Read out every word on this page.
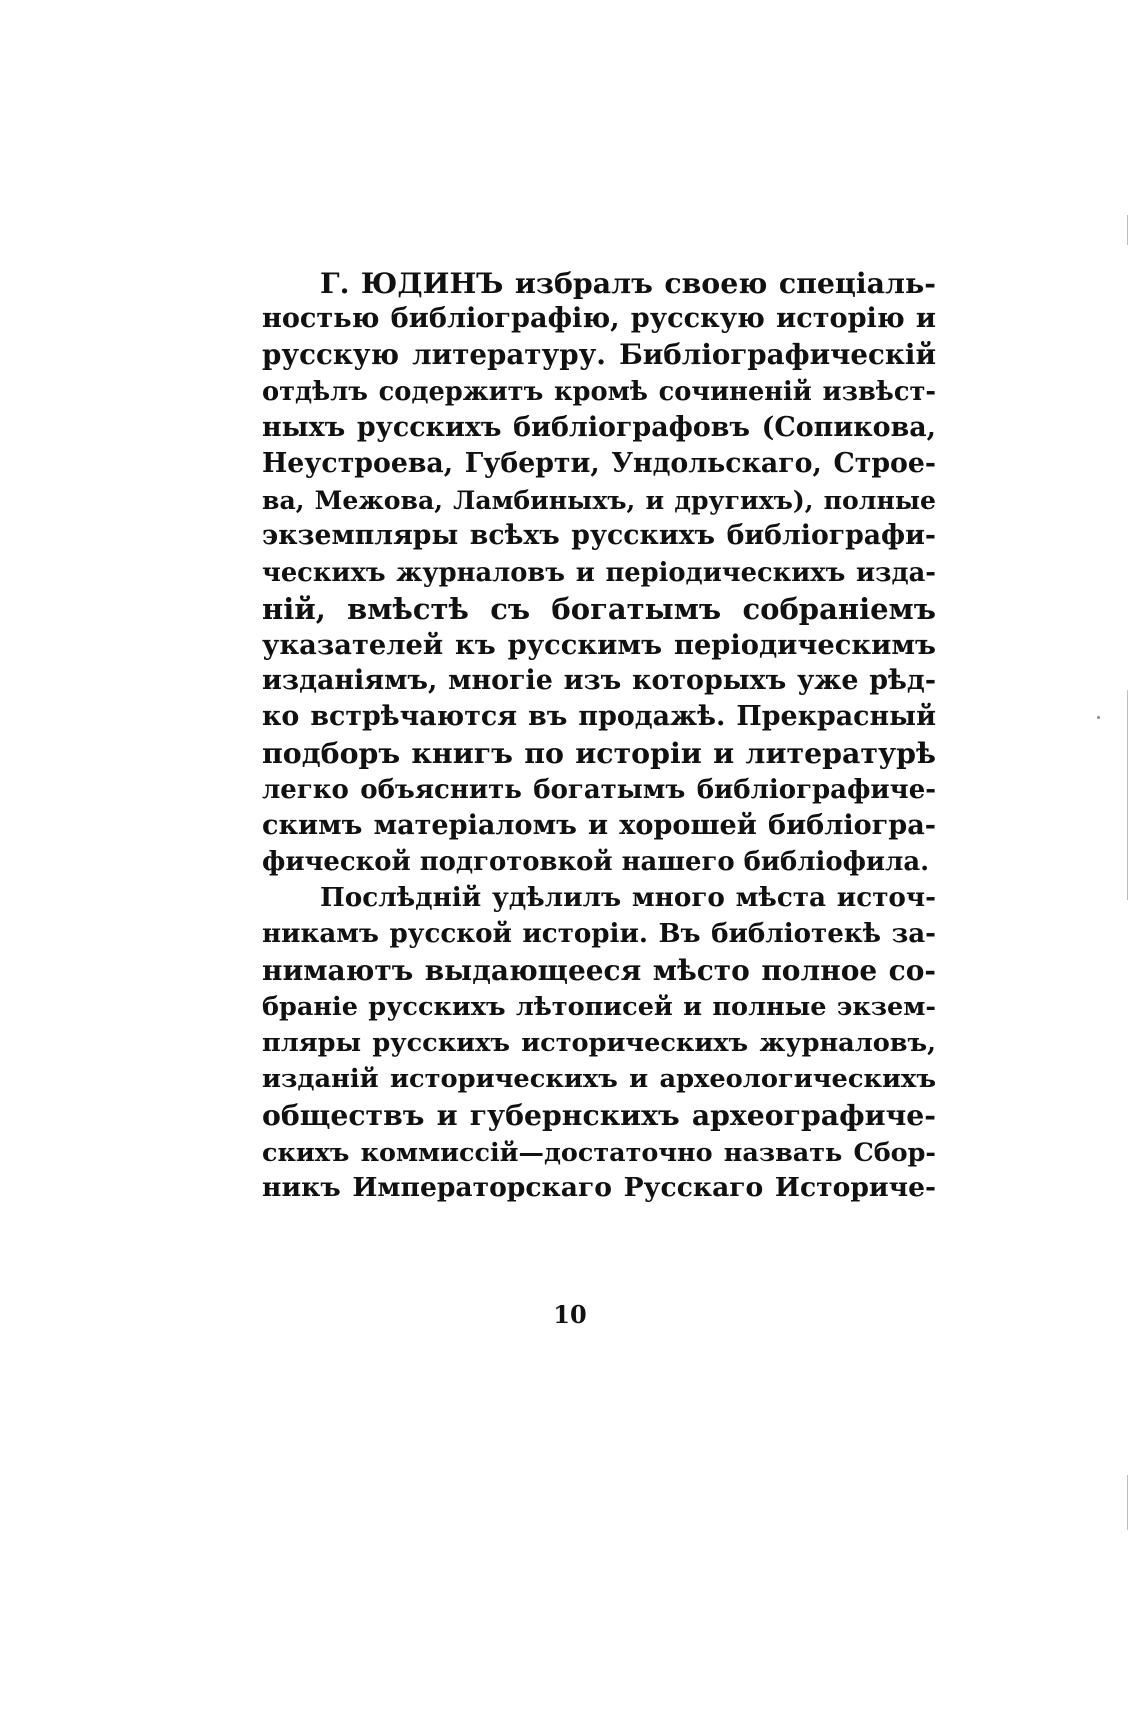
Г. ЮДИНЪ избралъ своею спеціаль-
ностью библіографію, русскую исторію и
русскую литературу. Библіографическій
отдѣлъ содержитъ кромѣ сочиненій извѣст-
ныхъ русскихъ библіографовъ (Сопикова,
Неустроева, Губерти, Ундольскаго, Строе-
ва, Межова, Ламбиныхъ, и другихъ), полные
экземпляры всѣхъ русскихъ библіографи-
ческихъ журналовъ и періодическихъ изда-
ній, вмѣстѣ съ богатымъ собраніемъ
указателей къ русскимъ періодическимъ
изданіямъ, многіе изъ которыхъ уже рѣд-
ко встрѣчаются въ продажѣ. Прекрасный
подборъ книгъ по исторіи и литературѣ
легко объяснить богатымъ библіографиче-
скимъ матеріаломъ и хорошей библіогра-
фической подготовкой нашего библіофила.
Послѣдній удѣлилъ много мѣста источ-
никамъ русской исторіи. Въ библіотекѣ за-
нимаютъ выдающееся мѣсто полное со-
браніе русскихъ лѣтописей и полные экзем-
пляры русскихъ историческихъ журналовъ,
изданій историческихъ и археологическихъ
обществъ и губернскихъ археографиче-
скихъ коммиссій—достаточно назвать Сбор-
никъ Императорскаго Русскаго Историче-
10
